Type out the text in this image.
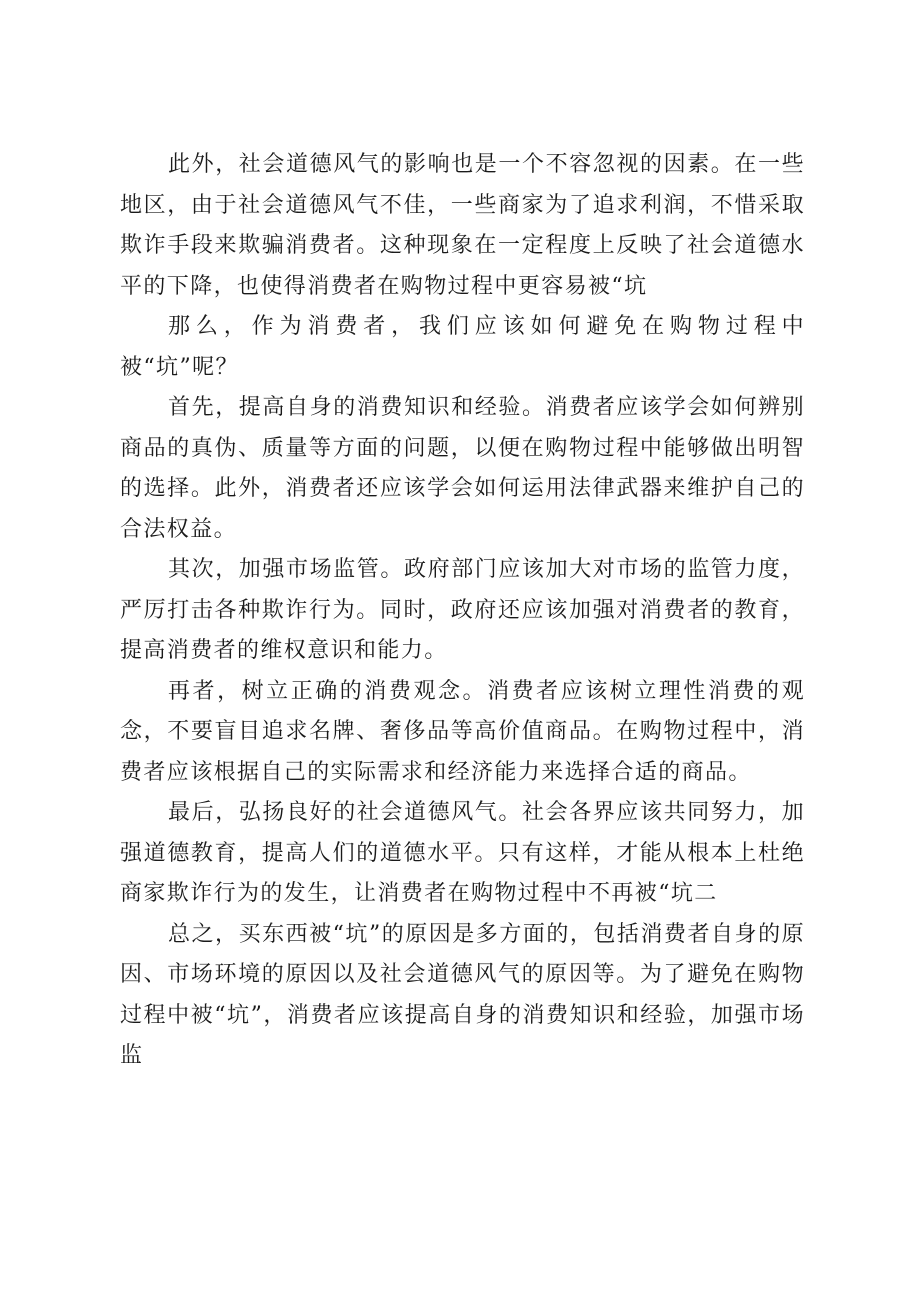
此外，社会道德风气的影响也是一个不容忽视的因素。在一些地区，由于社会道德风气不佳，一些商家为了追求利润，不惜采取欺诈手段来欺骗消费者。这种现象在一定程度上反映了社会道德水平的下降，也使得消费者在购物过程中更容易被“坑

那么，作为消费者，我们应该如何避免在购物过程中被“坑”呢？

首先，提高自身的消费知识和经验。消费者应该学会如何辨别商品的真伪、质量等方面的问题，以便在购物过程中能够做出明智的选择。此外，消费者还应该学会如何运用法律武器来维护自己的合法权益。

其次，加强市场监管。政府部门应该加大对市场的监管力度，严厉打击各种欺诈行为。同时，政府还应该加强对消费者的教育，提高消费者的维权意识和能力。

再者，树立正确的消费观念。消费者应该树立理性消费的观念，不要盲目追求名牌、奢侈品等高价值商品。在购物过程中，消费者应该根据自己的实际需求和经济能力来选择合适的商品。

最后，弘扬良好的社会道德风气。社会各界应该共同努力，加强道德教育，提高人们的道德水平。只有这样，才能从根本上杜绝商家欺诈行为的发生，让消费者在购物过程中不再被“坑二

总之，买东西被“坑”的原因是多方面的，包括消费者自身的原因、市场环境的原因以及社会道德风气的原因等。为了避免在购物过程中被“坑”，消费者应该提高自身的消费知识和经验，加强市场监
